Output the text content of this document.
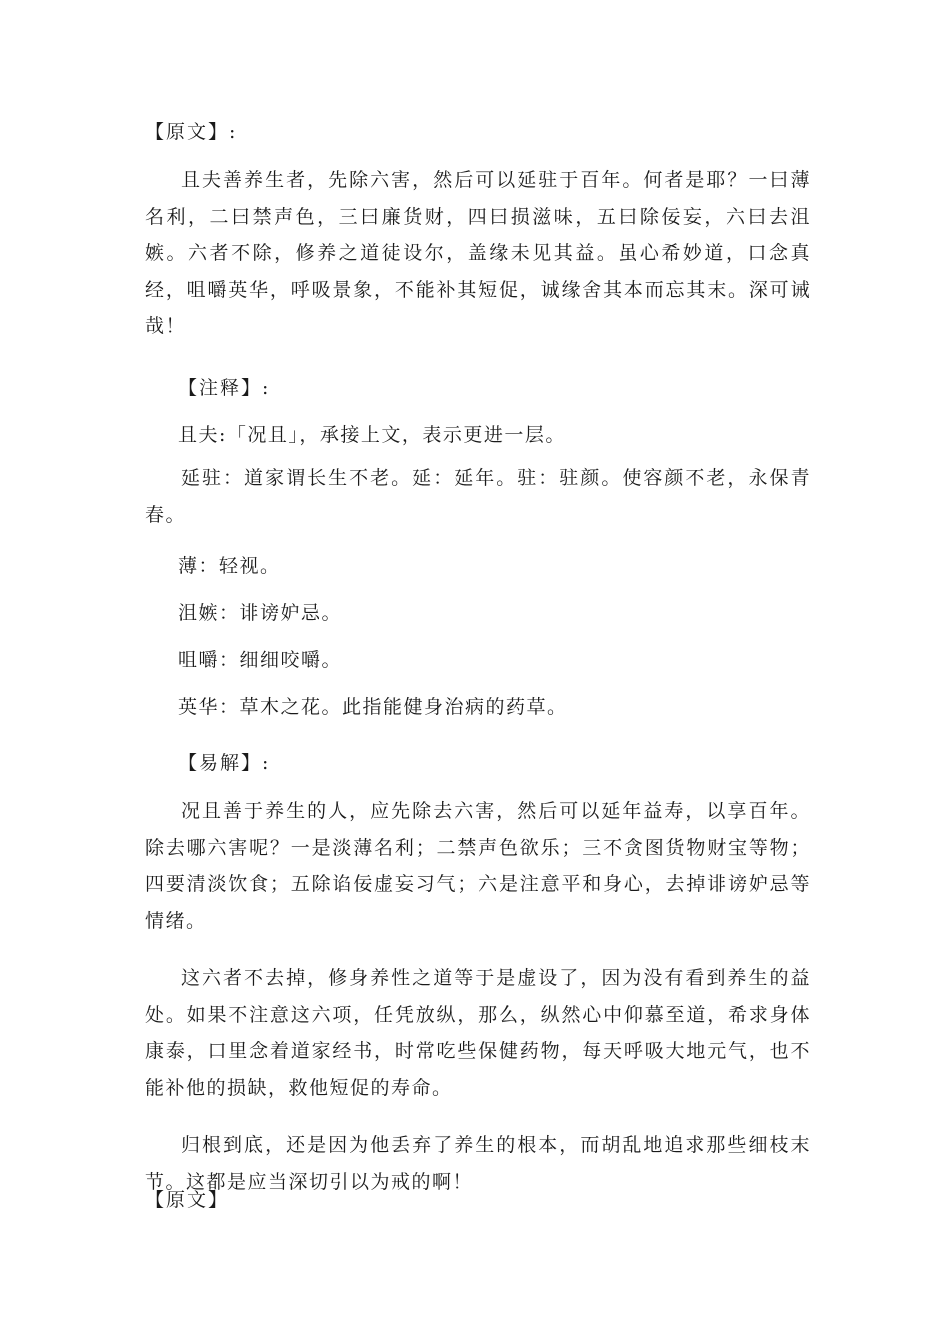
【原文】:

且夫善养生者，先除六害，然后可以延驻于百年。何者是耶？一曰薄名利，二曰禁声色，三曰廉货财，四曰损滋味，五曰除佞妄，六曰去沮嫉。六者不除，修养之道徒设尔，盖缘未见其益。虽心希妙道，口念真经，咀嚼英华，呼吸景象，不能补其短促，诚缘舍其本而忘其末。深可诫哉！

【注释】:
且夫:「况且」，承接上文，表示更进一层。

延驻：道家谓长生不老。延：延年。驻：驻颜。使容颜不老，永保青春。

薄：轻视。
沮嫉：诽谤妒忌。
咀嚼：细细咬嚼。
英华：草木之花。此指能健身治病的药草。
【易解】:

况且善于养生的人，应先除去六害，然后可以延年益寿，以享百年。除去哪六害呢？一是淡薄名利；二禁声色欲乐；三不贪图货物财宝等物；四要清淡饮食；五除谄佞虚妄习气；六是注意平和身心，去掉诽谤妒忌等情绪。

这六者不去掉，修身养性之道等于是虚设了，因为没有看到养生的益处。如果不注意这六项，任凭放纵，那么，纵然心中仰慕至道，希求身体康泰，口里念着道家经书，时常吃些保健药物，每天呼吸大地元气，也不能补他的损缺，救他短促的寿命。

归根到底，还是因为他丢弃了养生的根本，而胡乱地追求那些细枝末节。这都是应当深切引以为戒的啊！

【原文】
